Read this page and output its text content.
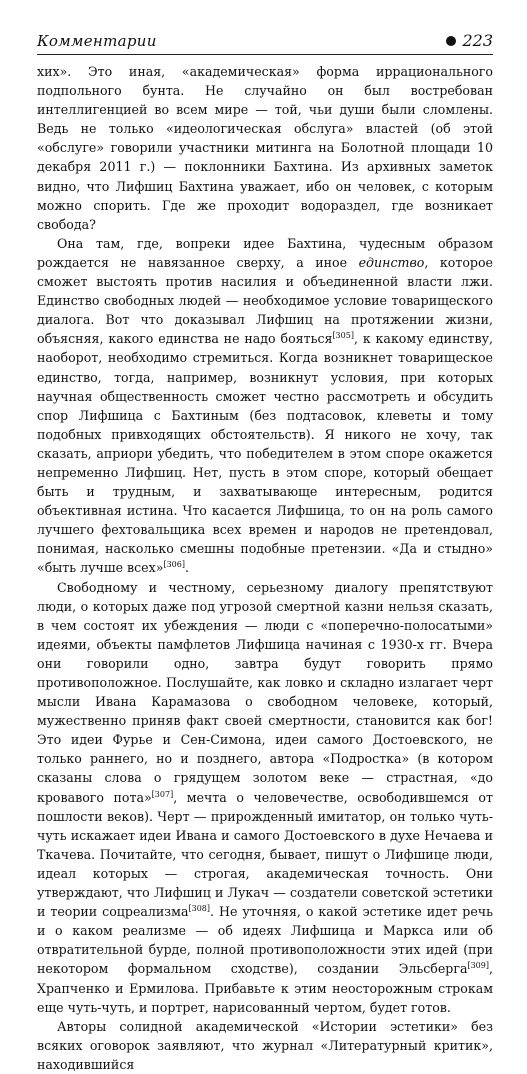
Комментарии	223

хих». Это иная, «академическая» форма иррационального подпольного бунта. Не случайно он был востребован интеллигенцией во всем мире — той, чьи души были сломлены. Ведь не только «идеологическая обслуга» властей (об этой «обслуге» говорили участники митинга на Болотной площади 10 декабря 2011 г.) — поклонники Бахтина. Из архивных заметок видно, что Лифшиц Бахтина уважает, ибо он человек, с которым можно спорить. Где же проходит водораздел, где возникает свобода?

Она там, где, вопреки идее Бахтина, чудесным образом рождается не навязанное сверху, а иное единство, которое сможет выстоять против насилия и объединенной власти лжи. Единство свободных людей — необходимое условие товарищеского диалога. Вот что доказывал Лифшиц на протяжении жизни, объясняя, какого единства не надо бояться[305], к какому единству, наоборот, необходимо стремиться. Когда возникнет товарищеское единство, тогда, например, возникнут условия, при которых научная общественность сможет честно рассмотреть и обсудить спор Лифшица с Бахтиным (без подтасовок, клеветы и тому подобных привходящих обстоятельств). Я никого не хочу, так сказать, априори убедить, что победителем в этом споре окажется непременно Лифшиц. Нет, пусть в этом споре, который обещает быть и трудным, и захватывающе интересным, родится объективная истина. Что касается Лифшица, то он на роль самого лучшего фехтовальщика всех времен и народов не претендовал, понимая, насколько смешны подобные претензии. «Да и стыдно» «быть лучше всех»[306].

Свободному и честному, серьезному диалогу препятствуют люди, о которых даже под угрозой смертной казни нельзя сказать, в чем состоят их убеждения — люди с «поперечно-полосатыми» идеями, объекты памфлетов Лифшица начиная с 1930-х гг. Вчера они говорили одно, завтра будут говорить прямо противоположное. Послушайте, как ловко и складно излагает черт мысли Ивана Карамазова о свободном человеке, который, мужественно приняв факт своей смертности, становится как бог! Это идеи Фурье и Сен-Симона, идеи самого Достоевского, не только раннего, но и позднего, автора «Подростка» (в котором сказаны слова о грядущем золотом веке — страстная, «до кровавого пота»[307], мечта о человечестве, освободившемся от пошлости веков). Черт — прирожденный имитатор, он только чуть-чуть искажает идеи Ивана и самого Достоевского в духе Нечаева и Ткачева. Почитайте, что сегодня, бывает, пишут о Лифшице люди, идеал которых — строгая, академическая точность. Они утверждают, что Лифшиц и Лукач — создатели советской эстетики и теории соцреализма[308]. Не уточняя, о какой эстетике идет речь и о каком реализме — об идеях Лифшица и Маркса или об отвратительной бурде, полной противоположности этих идей (при некотором формальном сходстве), создании Эльсберга[309], Храпченко и Ермилова. Прибавьте к этим неосторожным строкам еще чуть-чуть, и портрет, нарисованный чертом, будет готов.

Авторы солидной академической «Истории эстетики» без всяких оговорок заявляют, что журнал «Литературный критик», находившийся
